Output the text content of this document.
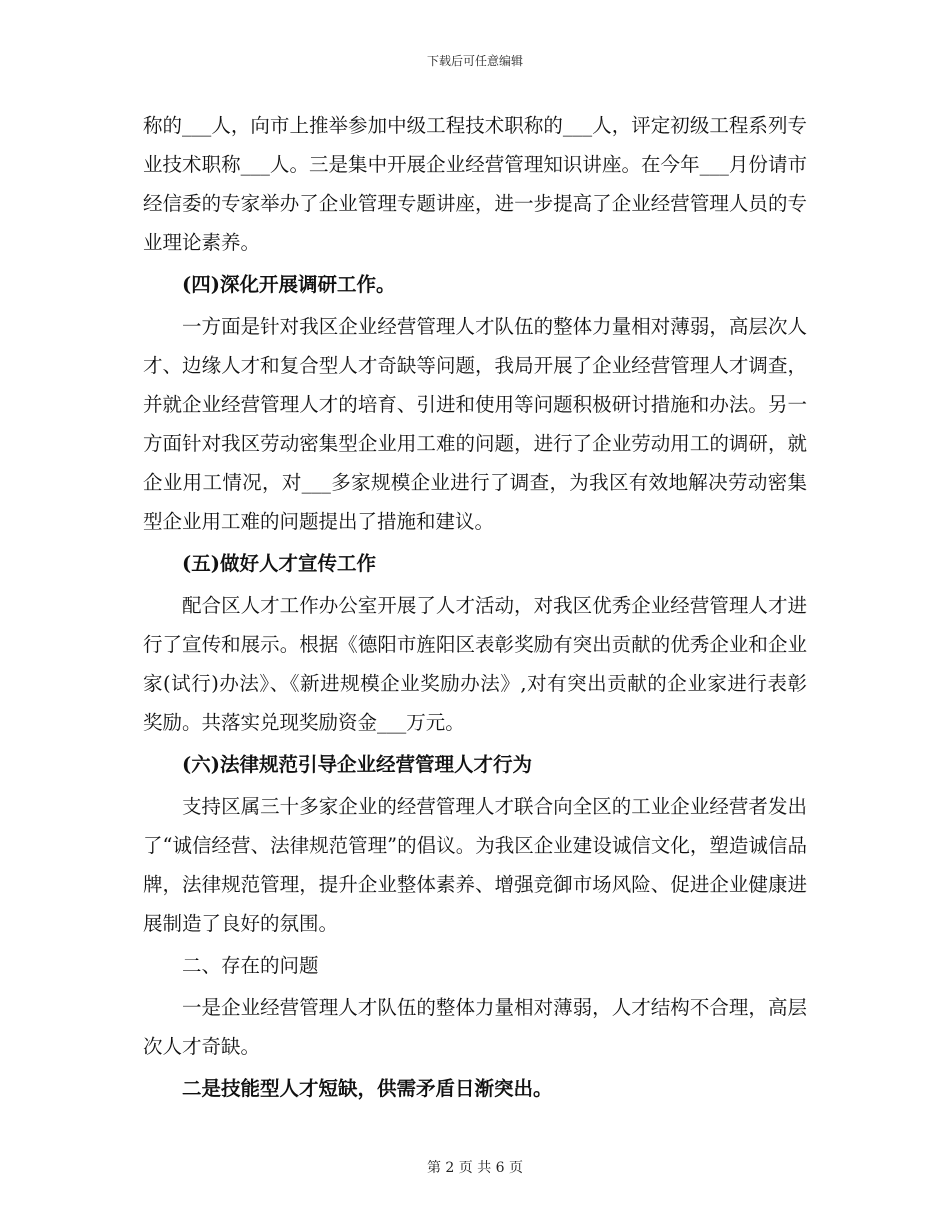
下载后可任意编辑

称的___人，向市上推举参加中级工程技术职称的___人，评定初级工程系列专业技术职称___人。三是集中开展企业经营管理知识讲座。在今年___月份请市经信委的专家举办了企业管理专题讲座，进一步提高了企业经营管理人员的专业理论素养。

(四)深化开展调研工作。

一方面是针对我区企业经营管理人才队伍的整体力量相对薄弱，高层次人才、边缘人才和复合型人才奇缺等问题，我局开展了企业经营管理人才调查，并就企业经营管理人才的培育、引进和使用等问题积极研讨措施和办法。另一方面针对我区劳动密集型企业用工难的问题，进行了企业劳动用工的调研，就企业用工情况，对___多家规模企业进行了调查，为我区有效地解决劳动密集型企业用工难的问题提出了措施和建议。

(五)做好人才宣传工作

配合区人才工作办公室开展了人才活动，对我区优秀企业经营管理人才进行了宣传和展示。根据《德阳市旌阳区表彰奖励有突出贡献的优秀企业和企业家(试行)办法》、《新进规模企业奖励办法》,对有突出贡献的企业家进行表彰奖励。共落实兑现奖励资金___万元。

(六)法律规范引导企业经营管理人才行为

支持区属三十多家企业的经营管理人才联合向全区的工业企业经营者发出了“诚信经营、法律规范管理”的倡议。为我区企业建设诚信文化，塑造诚信品牌，法律规范管理，提升企业整体素养、增强竞御市场风险、促进企业健康进展制造了良好的氛围。

二、存在的问题

一是企业经营管理人才队伍的整体力量相对薄弱，人才结构不合理，高层次人才奇缺。

二是技能型人才短缺，供需矛盾日渐突出。

第 2 页 共 6 页
